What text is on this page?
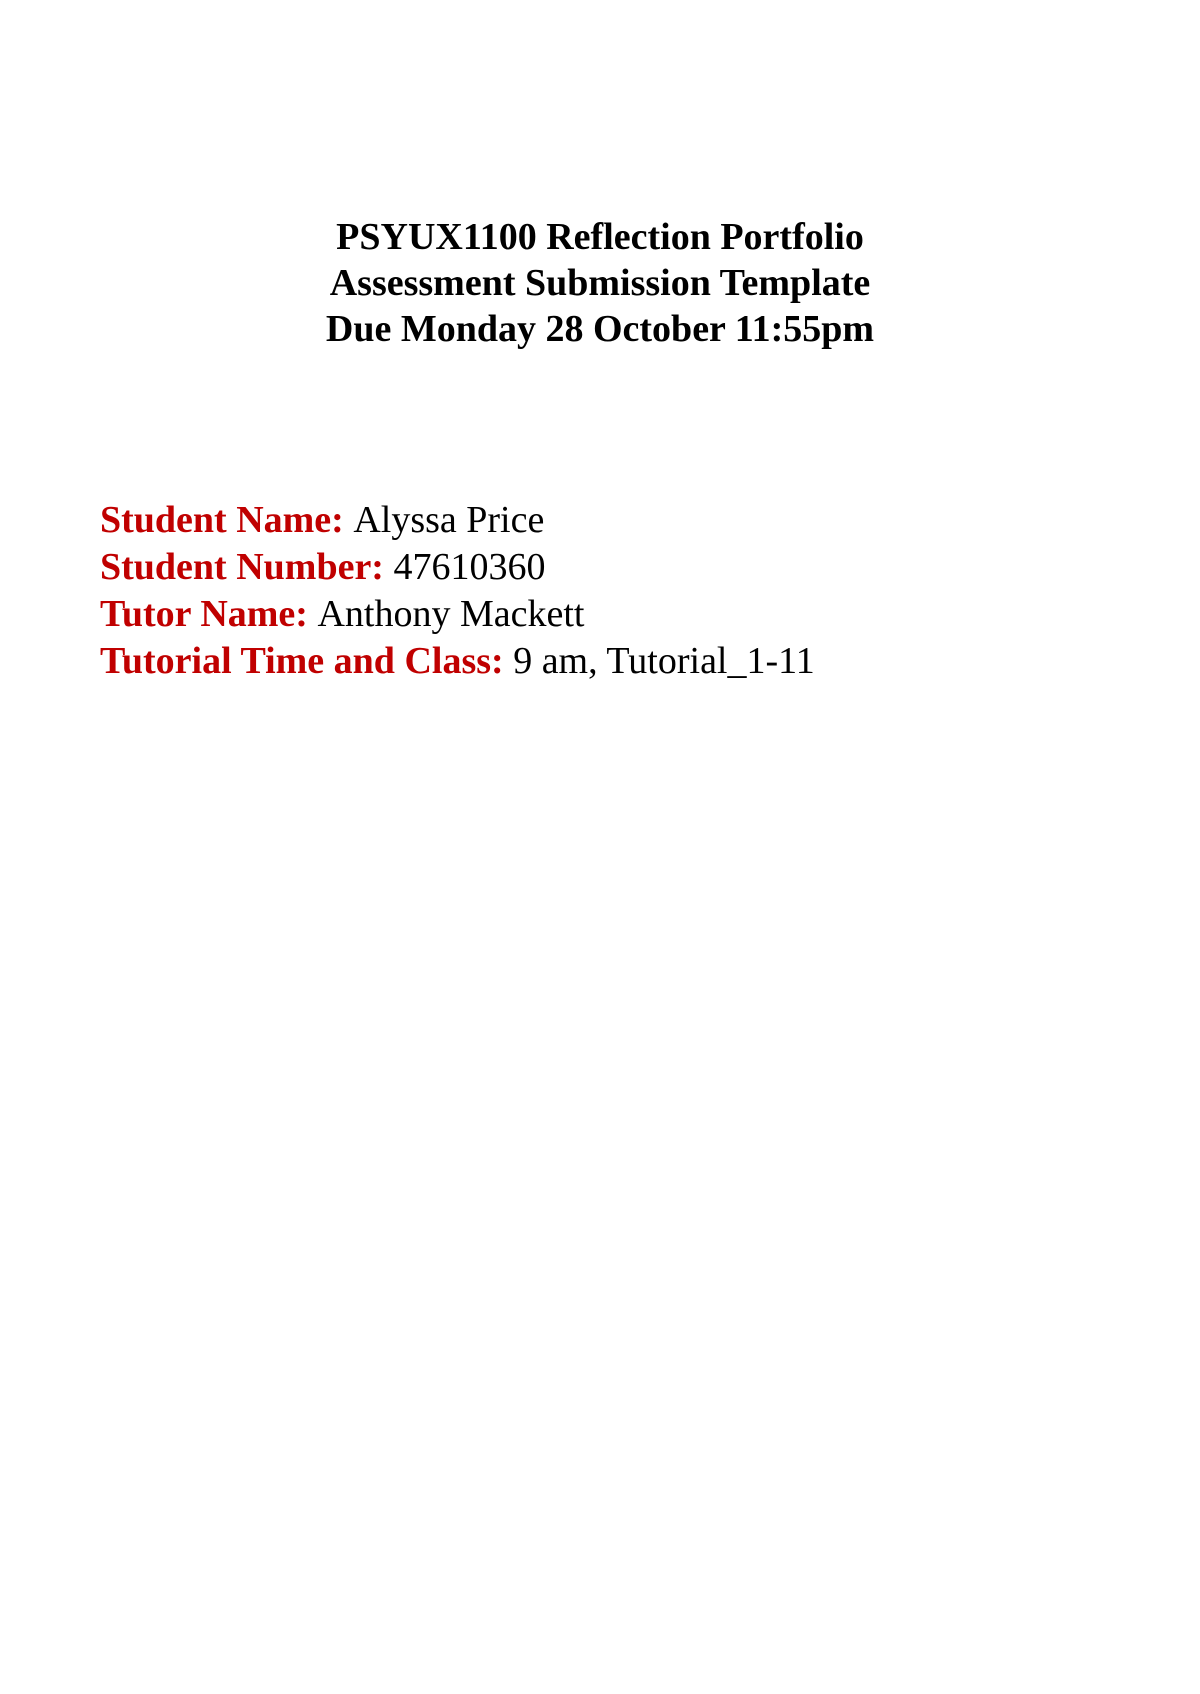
PSYUX1100 Reflection Portfolio
Assessment Submission Template
Due Monday 28 October 11:55pm
Student Name: Alyssa Price
Student Number: 47610360
Tutor Name: Anthony Mackett
Tutorial Time and Class: 9 am, Tutorial_1-11
